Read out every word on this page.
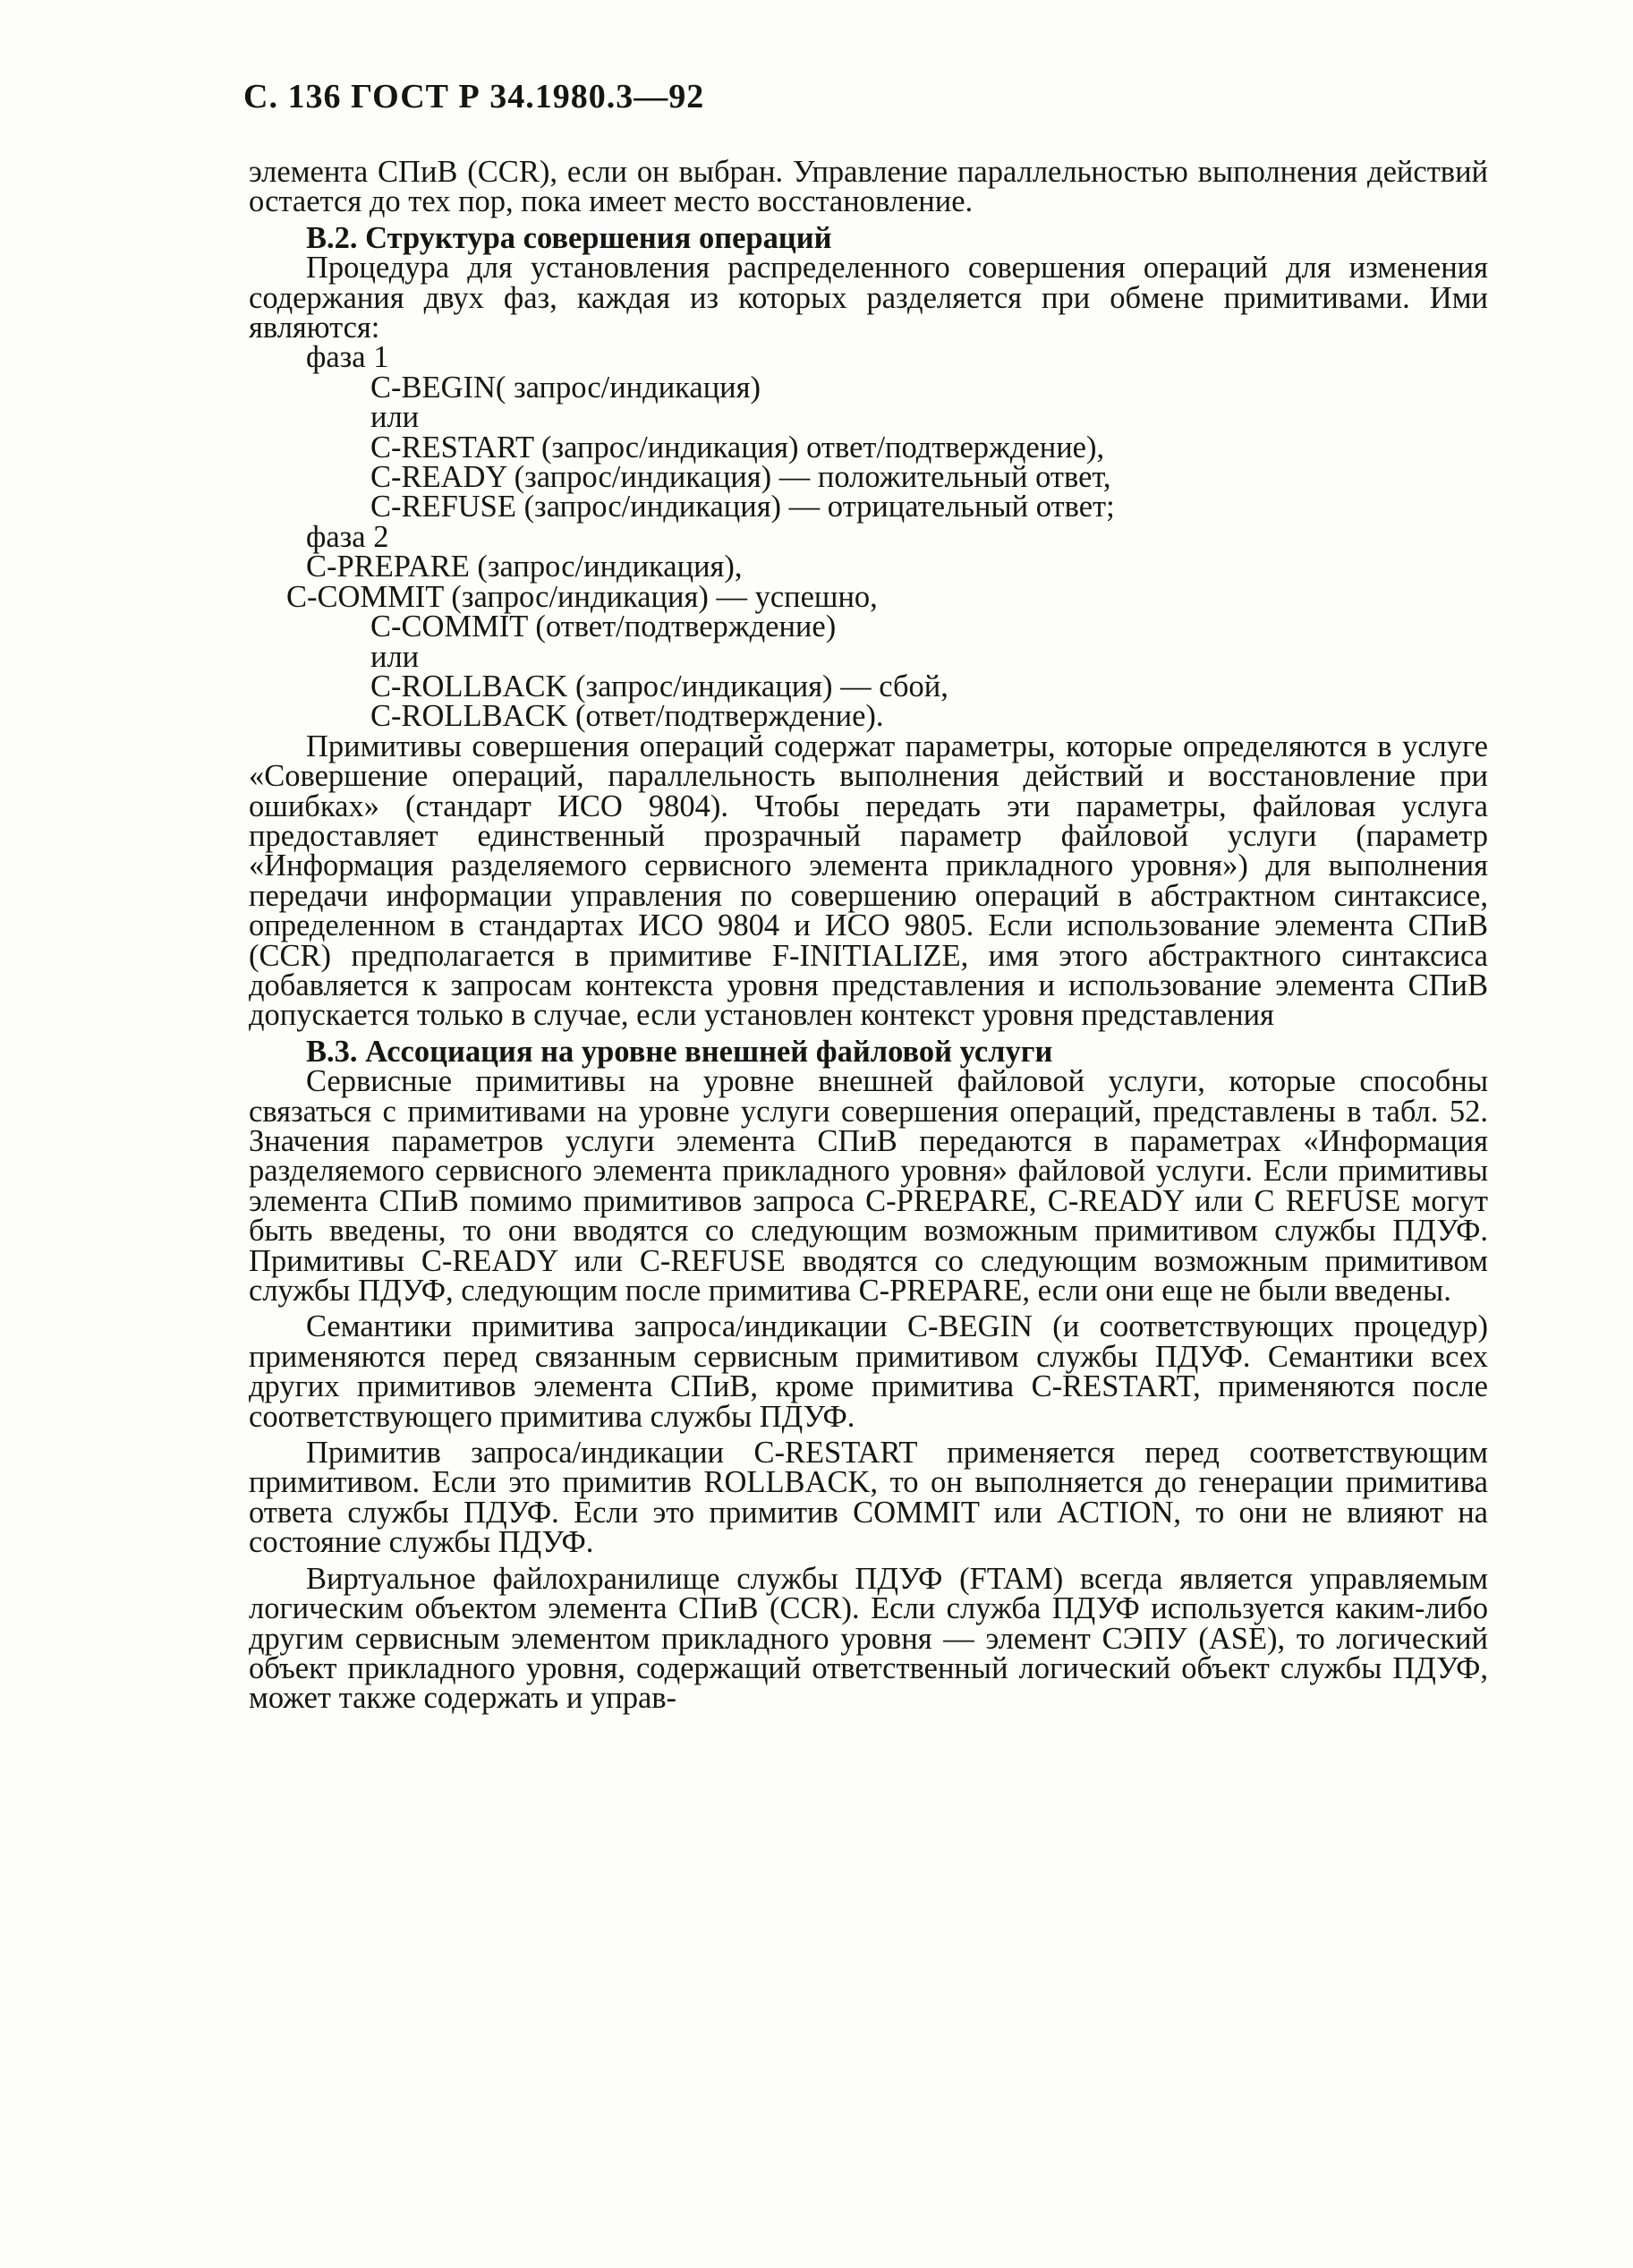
С. 136 ГОСТ Р 34.1980.3—92

элемента СПиВ (CCR), если он выбран. Управление параллельностью выполнения действий остается до тех пор, пока имеет место восстановление.

В.2. Структура совершения операций

Процедура для установления распределенного совершения операций для изменения содержания двух фаз, каждая из которых разделяется при обмене примитивами. Ими являются:

фаза 1

C-BEGIN( запрос/индикация)

или

C-RESTART (запрос/индикация) ответ/подтверждение),

C-READY (запрос/индикация) — положительный ответ,

C-REFUSE (запрос/индикация) — отрицательный ответ;

фаза 2

C-PREPARE (запрос/индикация),

C-COMMIT (запрос/индикация) — успешно,

C-COMMIT (ответ/подтверждение)

или

C-ROLLBACK (запрос/индикация) — сбой,

C-ROLLBACK (ответ/подтверждение).

Примитивы совершения операций содержат параметры, которые определяются в услуге «Совершение операций, параллельность выполнения действий и восстановление при ошибках» (стандарт ИСО 9804). Чтобы передать эти параметры, файловая услуга предоставляет единственный прозрачный параметр файловой услуги (параметр «Информация разделяемого сервисного элемента прикладного уровня») для выполнения передачи информации управления по совершению операций в абстрактном синтаксисе, определенном в стандартах ИСО 9804 и ИСО 9805. Если использование элемента СПиВ (CCR) предполагается в примитиве F-INITIALIZE, имя этого абстрактного синтаксиса добавляется к запросам контекста уровня представления и использование элемента СПиВ допускается только в случае, если установлен контекст уровня представления

В.3. Ассоциация на уровне внешней файловой услуги

Сервисные примитивы на уровне внешней файловой услуги, которые способны связаться с примитивами на уровне услуги совершения операций, представлены в табл. 52. Значения параметров услуги элемента СПиВ передаются в параметрах «Информация разделяемого сервисного элемента прикладного уровня» файловой услуги. Если примитивы элемента СПиВ помимо примитивов запроса C-PREPARE, C-READY или C REFUSE могут быть введены, то они вводятся со следующим возможным примитивом службы ПДУФ. Примитивы C-READY или C-REFUSE вводятся со следующим возможным примитивом службы ПДУФ, следующим после примитива C-PREPARE, если они еще не были введены.

Семантики примитива запроса/индикации C-BEGIN (и соответствующих процедур) применяются перед связанным сервисным примитивом службы ПДУФ. Семантики всех других примитивов элемента СПиВ, кроме примитива C-RESTART, применяются после соответствующего примитива службы ПДУФ.

Примитив запроса/индикации C-RESTART применяется перед соответствующим примитивом. Если это примитив ROLLBACK, то он выполняется до генерации примитива ответа службы ПДУФ. Если это примитив COMMIT или ACTION, то они не влияют на состояние службы ПДУФ.

Виртуальное файлохранилище службы ПДУФ (FTAM) всегда является управляемым логическим объектом элемента СПиВ (CCR). Если служба ПДУФ используется каким-либо другим сервисным элементом прикладного уровня — элемент СЭПУ (ASE), то логический объект прикладного уровня, содержащий ответственный логический объект службы ПДУФ, может также содержать и управ-
